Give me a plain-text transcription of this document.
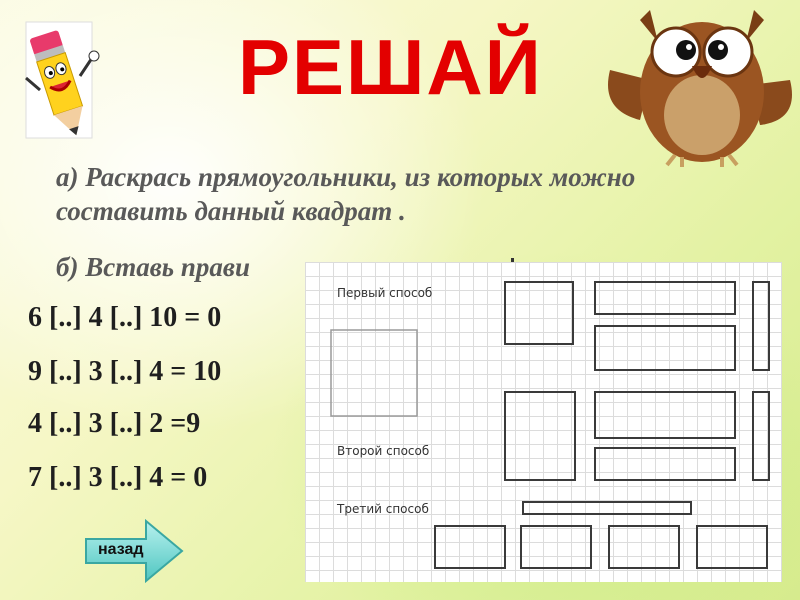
РЕШАЙ
а) Раскрась прямоугольники, из которых можно составить данный квадрат .
б) Вставь прави
6 [..] 4 [..] 10 = 0
9 [..] 3 [..] 4 = 10
4 [..] 3 [..] 2 =9
7 [..] 3 [..] 4 = 0
Первый способ
Второй способ
Третий способ
назад
